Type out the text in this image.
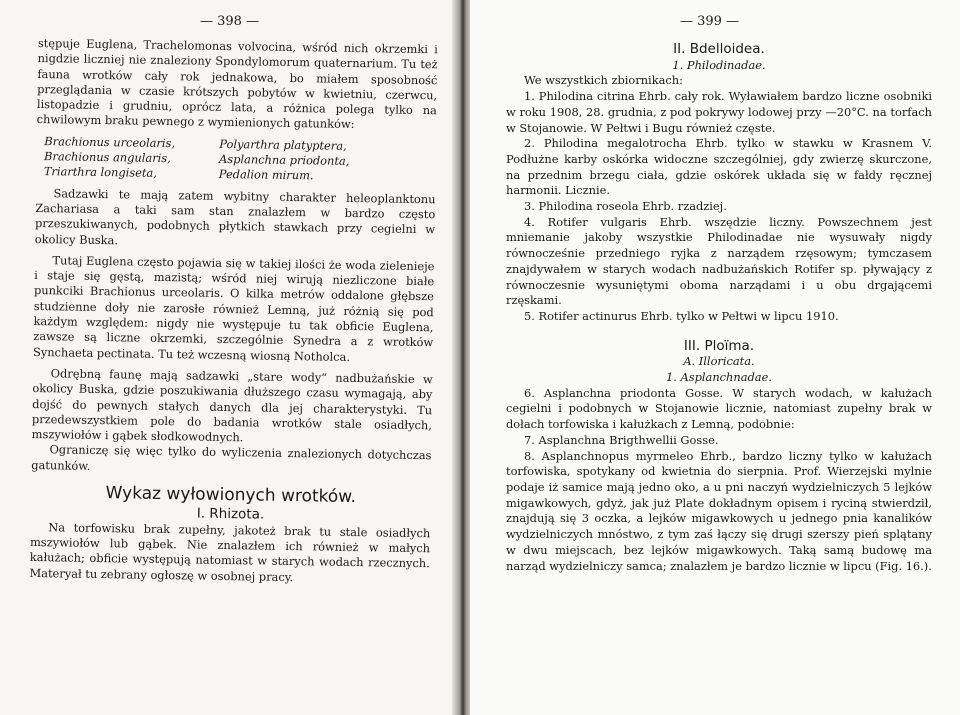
— 398 —

stępuje Euglena, Trachelomonas volvocina, wśród nich okrzemki i nigdzie liczniej nie znaleziony Spondylomorum quaternarium. Tu też fauna wrotków cały rok jednakowa, bo miałem sposobność przeglądania w czasie krótszych pobytów w kwietniu, czerwcu, listopadzie i grudniu, oprócz lata, a różnica polega tylko na chwilowym braku pewnego z wymienionych gatunków:

Brachionus urceolaris,	Polyarthra platyptera,
Brachionus angularis,	Asplanchna priodonta,
Triarthra longiseta,	Pedalion mirum.

Sadzawki te mają zatem wybitny charakter heleoplanktonu Zachariasa a taki sam stan znalazłem w bardzo często przeszukiwanych, podobnych płytkich stawkach przy cegielni w okolicy Buska.

Tutaj Euglena często pojawia się w takiej ilości że woda zielenieje i staje się gęstą, mazistą; wśród niej wirują niezliczone białe punkciki Brachionus urceolaris. O kilka metrów oddalone głębsze studzienne doły nie zarosłe również Lemną, już różnią się pod każdym względem: nigdy nie występuje tu tak obficie Euglena, zawsze są liczne okrzemki, szczególnie Synedra a z wrotków Synchaeta pectinata. Tu też wczesną wiosną Notholca.

Odrębną faunę mają sadzawki „stare wody“ nadbużańskie w okolicy Buska, gdzie poszukiwania dłuższego czasu wymagają, aby dojść do pewnych stałych danych dla jej charakterystyki. Tu przedewszystkiem pole do badania wrotków stale osiadłych, mszywiołów i gąbek słodkowodnych.

Ograniczę się więc tylko do wyliczenia znalezionych dotychczas gatunków.

Wykaz wyłowionych wrotków.
I. Rhizota.

Na torfowisku brak zupełny, jakoteż brak tu stale osiadłych mszywiołów lub gąbek. Nie znalazłem ich również w małych kałużach; obficie występują natomiast w starych wodach rzecznych. Materyał tu zebrany ogłoszę w osobnej pracy.

— 399 —
II. Bdelloidea.

1. Philodinadae.

We wszystkich zbiornikach:

1. Philodina citrina Ehrb. cały rok. Wyławiałem bardzo liczne osobniki w roku 1908, 28. grudnia, z pod pokrywy lodowej przy —20°C. na torfach w Stojanowie. W Pełtwi i Bugu również częste.

2. Philodina megalotrocha Ehrb. tylko w stawku w Krasnem V. Podłużne karby oskórka widoczne szczególniej, gdy zwierzę skurczone, na przednim brzegu ciała, gdzie oskórek układa się w fałdy ręcznej harmonii. Licznie.

3. Philodina roseola Ehrb. rzadziej.

4. Rotifer vulgaris Ehrb. wszędzie liczny. Powszechnem jest mniemanie jakoby wszystkie Philodinadae nie wysuwały nigdy równocześnie przedniego ryjka z narządem rzęsowym; tymczasem znajdywałem w starych wodach nadbużańskich Rotifer sp. pływający z równoczesnie wysuniętymi oboma narządami i u obu drgającemi rzęskami.

5. Rotifer actinurus Ehrb. tylko w Pełtwi w lipcu 1910.

III. Ploïma.

A. Illoricata.

1. Asplanchnadae.

6. Asplanchna priodonta Gosse. W starych wodach, w kałużach cegielni i podobnych w Stojanowie licznie, natomiast zupełny brak w dołach torfowiska i kałużkach z Lemną, podobnie:

7. Asplanchna Brigthwellii Gosse.

8. Asplanchnopus myrmeleo Ehrb., bardzo liczny tylko w kałużach torfowiska, spotykany od kwietnia do sierpnia. Prof. Wierzejski mylnie podaje iż samice mają jedno oko, a u pni naczyń wydzielniczych 5 lejków migawkowych, gdyż, jak już Plate dokładnym opisem i ryciną stwierdził, znajdują się 3 oczka, a lejków migawkowych u jednego pnia kanalików wydzielniczych mnóstwo, z tym zaś łączy się drugi szerszy pień splątany w dwu miejscach, bez lejków migawkowych. Taką samą budowę ma narząd wydzielniczy samca; znalazłem je bardzo licznie w lipcu (Fig. 16.).
